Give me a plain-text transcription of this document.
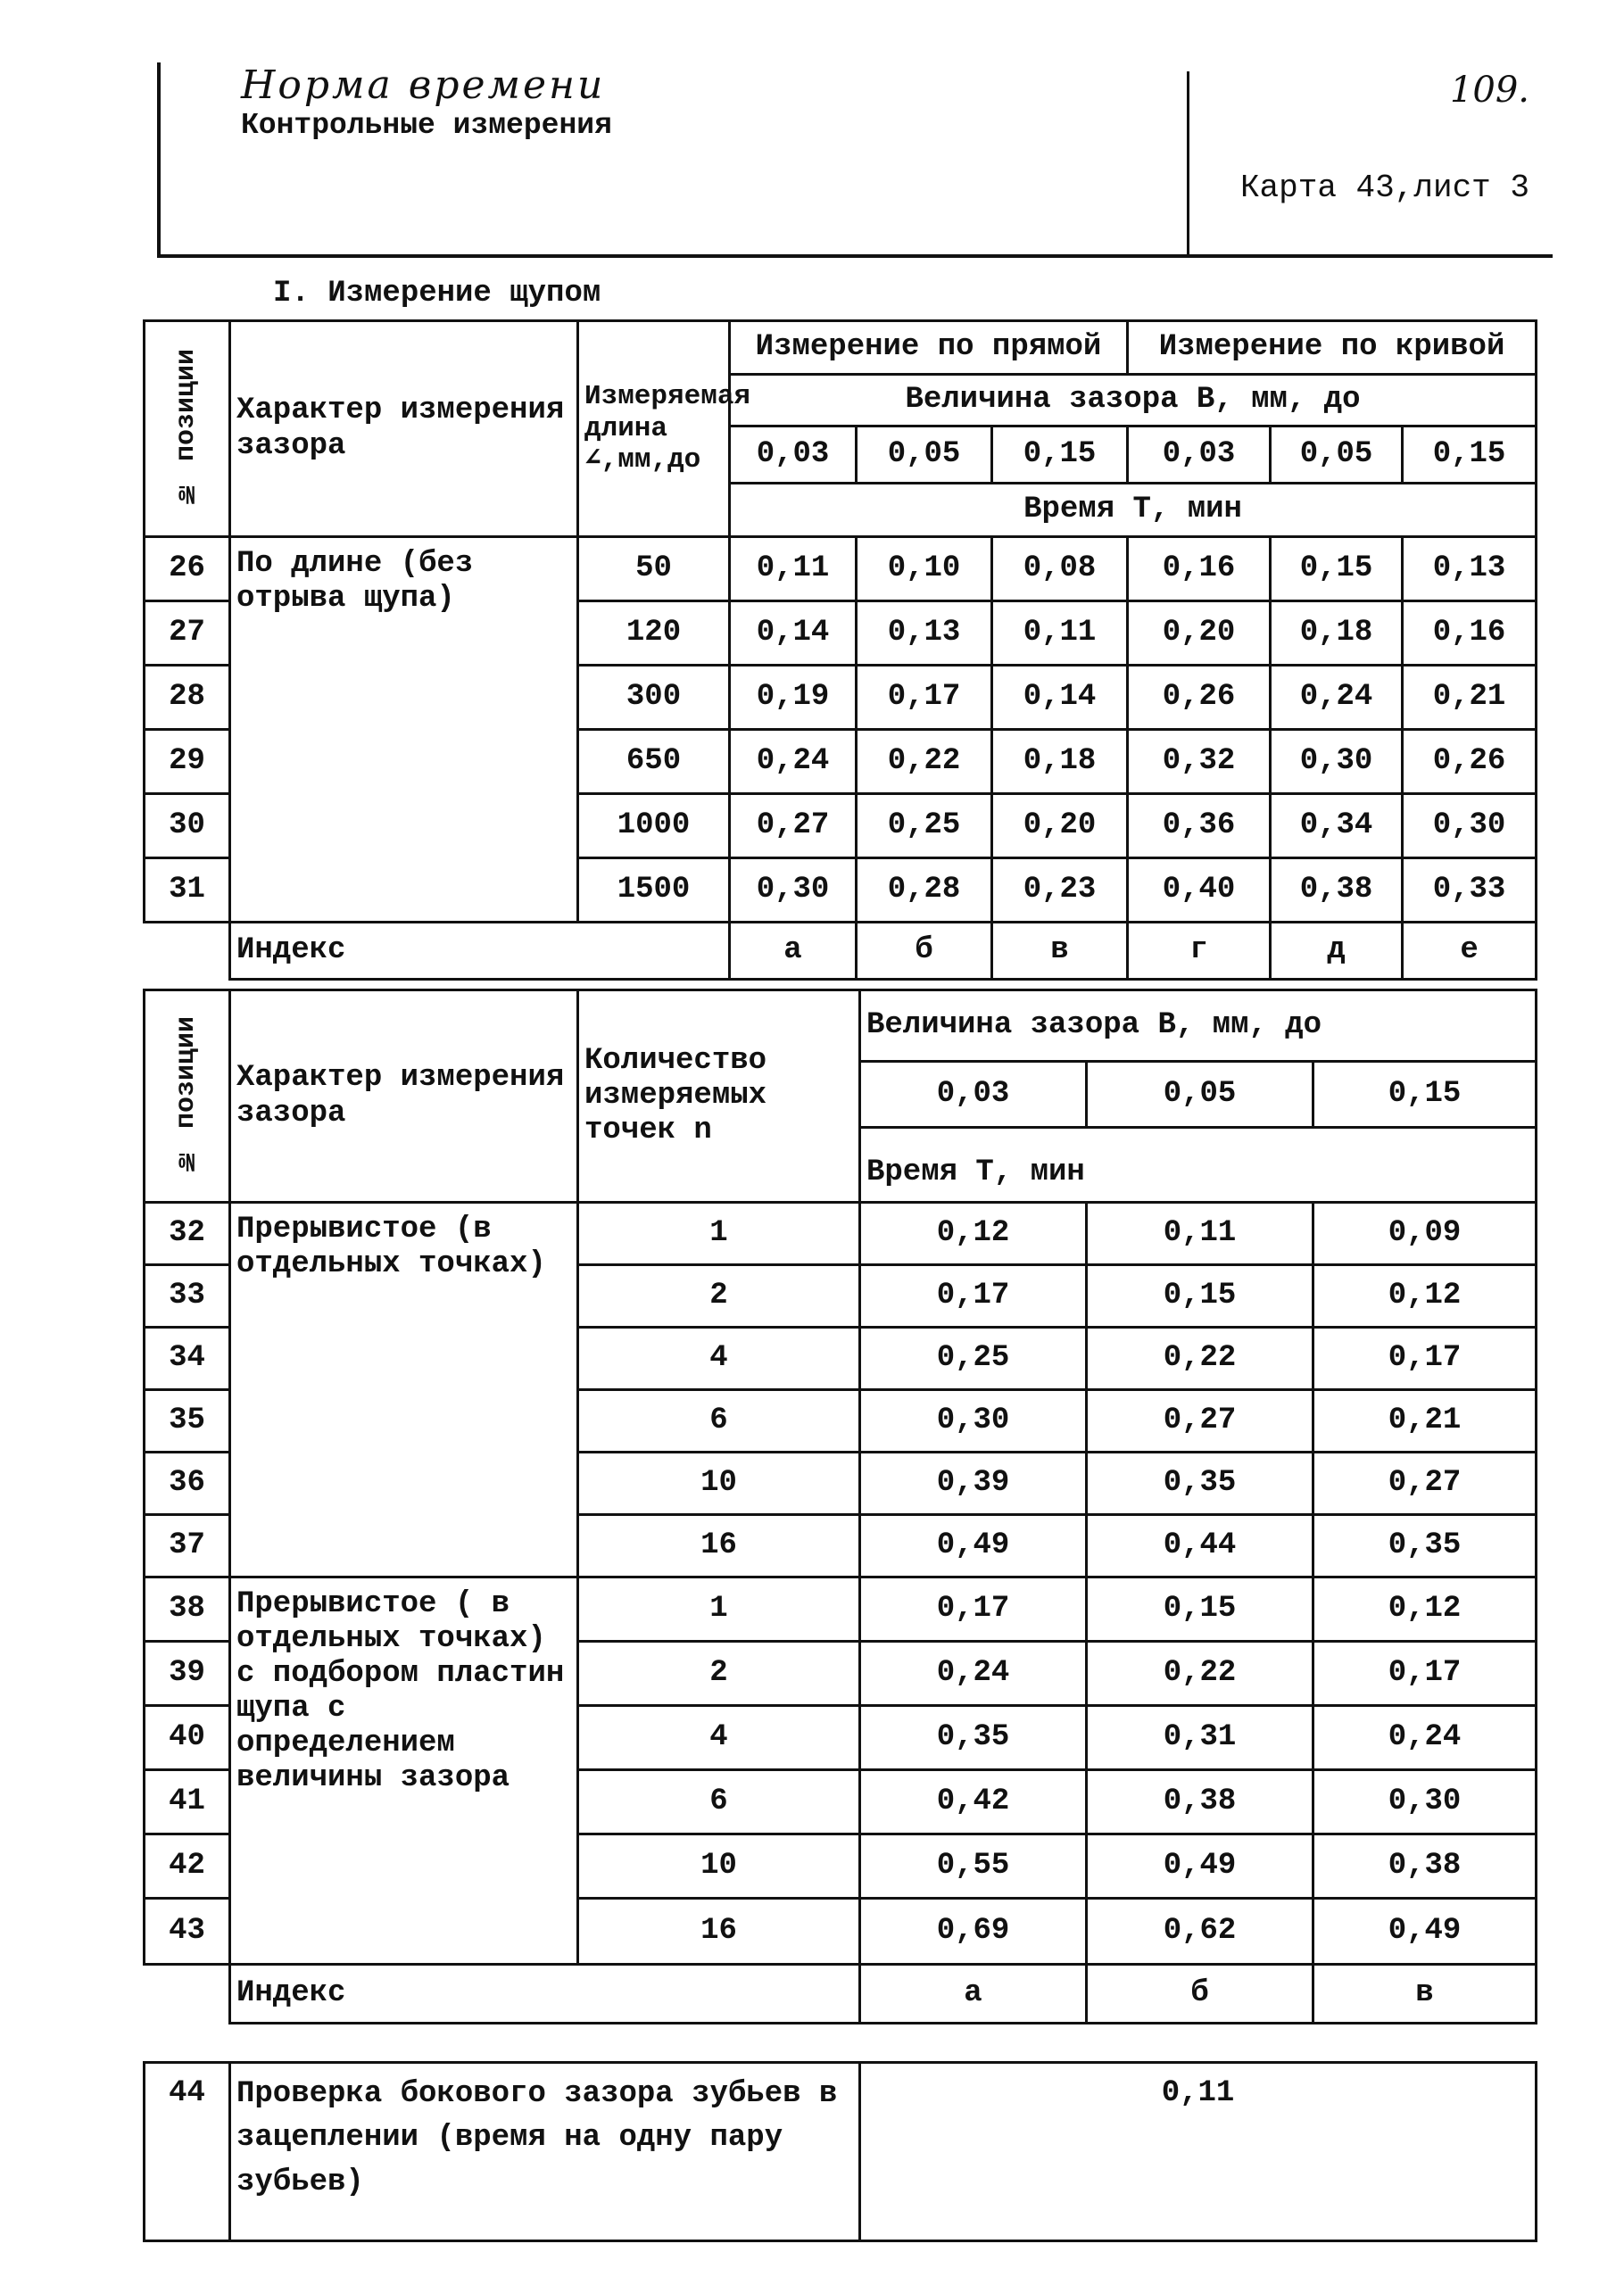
Норма времени
Контрольные измерения
109.
Карта 43,лист 3
I. Измерение щупом
№ позиции	Характер измерения зазора	Измеряемая длина ∠,мм,до	Измерение по прямой			Измерение по кривой		
			Величина зазора В, мм, до					
			0,03	0,05	0,15	0,03	0,05	0,15
			Время Т, мин					
26	По длине (без отрыва щупа)	50	0,11	0,10	0,08	0,16	0,15	0,13
27		120	0,14	0,13	0,11	0,20	0,18	0,16
28		300	0,19	0,17	0,14	0,26	0,24	0,21
29		650	0,24	0,22	0,18	0,32	0,30	0,26
30		1000	0,27	0,25	0,20	0,36	0,34	0,30
31		1500	0,30	0,28	0,23	0,40	0,38	0,33
	Индекс		а	б	в	г	д	е
№ позиции	Характер измерения зазора	Количество измеряемых точек n	Величина зазора В, мм, до		
			0,03	0,05	0,15

			Время Т, мин		
32	Прерывистое (в отдельных точках)	1	0,12	0,11	0,09
33		2	0,17	0,15	0,12
34		4	0,25	0,22	0,17
35		6	0,30	0,27	0,21
36		10	0,39	0,35	0,27
37		16	0,49	0,44	0,35
38	Прерывистое ( в отдельных точках) с подбором пластин щупа с определением величины зазора	1	0,17	0,15	0,12
39		2	0,24	0,22	0,17
40		4	0,35	0,31	0,24
41		6	0,42	0,38	0,30
42		10	0,55	0,49	0,38
43		16	0,69	0,62	0,49
	Индекс		а	б	в
44	Проверка бокового зазора зубьев в зацеплении (время на одну пару зубьев)	0,11
